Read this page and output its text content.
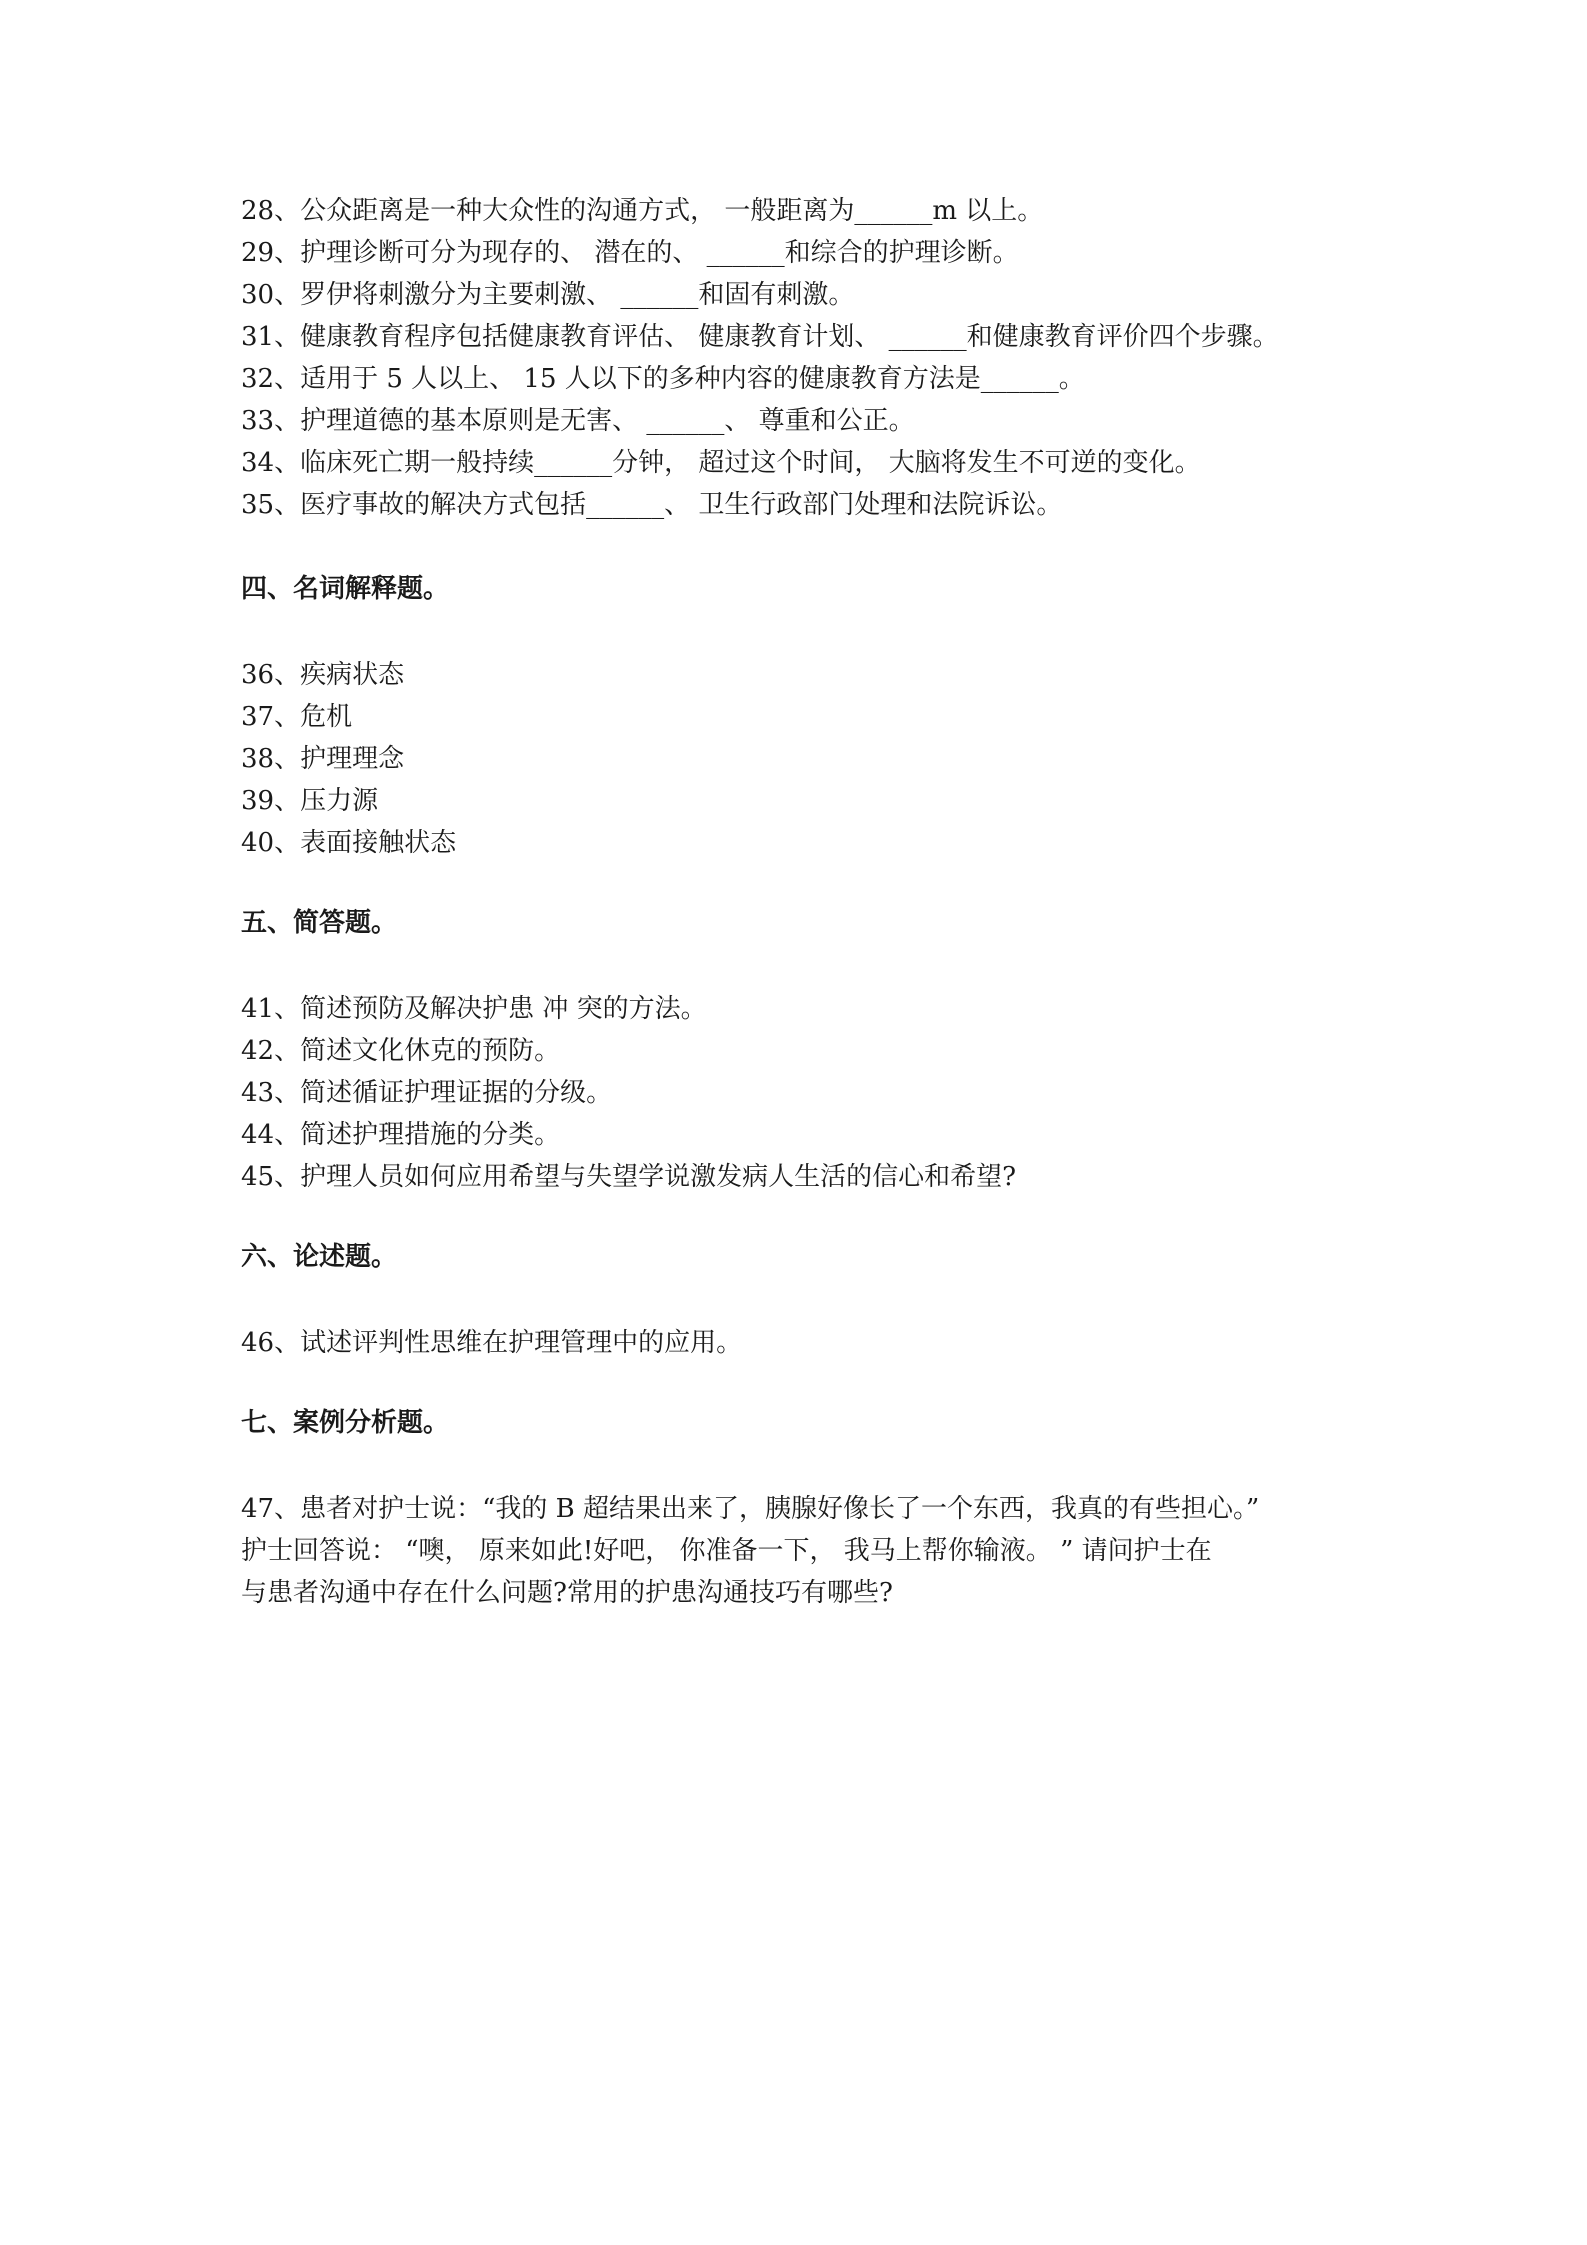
28、公众距离是一种大众性的沟通方式， 一般距离为______m 以上。

29、护理诊断可分为现存的、 潜在的、 ______和综合的护理诊断。

30、罗伊将刺激分为主要刺激、 ______和固有刺激。

31、健康教育程序包括健康教育评估、 健康教育计划、 ______和健康教育评价四个步骤。

32、适用于 5 人以上、 15 人以下的多种内容的健康教育方法是______。

33、护理道德的基本原则是无害、 ______、 尊重和公正。

34、临床死亡期一般持续______分钟， 超过这个时间， 大脑将发生不可逆的变化。

35、医疗事故的解决方式包括______、 卫生行政部门处理和法院诉讼。

四、名词解释题。

36、疾病状态

37、危机

38、护理理念

39、压力源

40、表面接触状态

五、简答题。

41、简述预防及解决护患 冲 突的方法。

42、简述文化休克的预防。

43、简述循证护理证据的分级。

44、简述护理措施的分类。

45、护理人员如何应用希望与失望学说激发病人生活的信心和希望?

六、论述题。

46、试述评判性思维在护理管理中的应用。

七、案例分析题。

47、患者对护士说：“我的 B 超结果出来了，胰腺好像长了一个东西，我真的有些担心。”

护士回答说： “噢， 原来如此!好吧， 你准备一下， 我马上帮你输液。 ” 请问护士在

与患者沟通中存在什么问题?常用的护患沟通技巧有哪些?
